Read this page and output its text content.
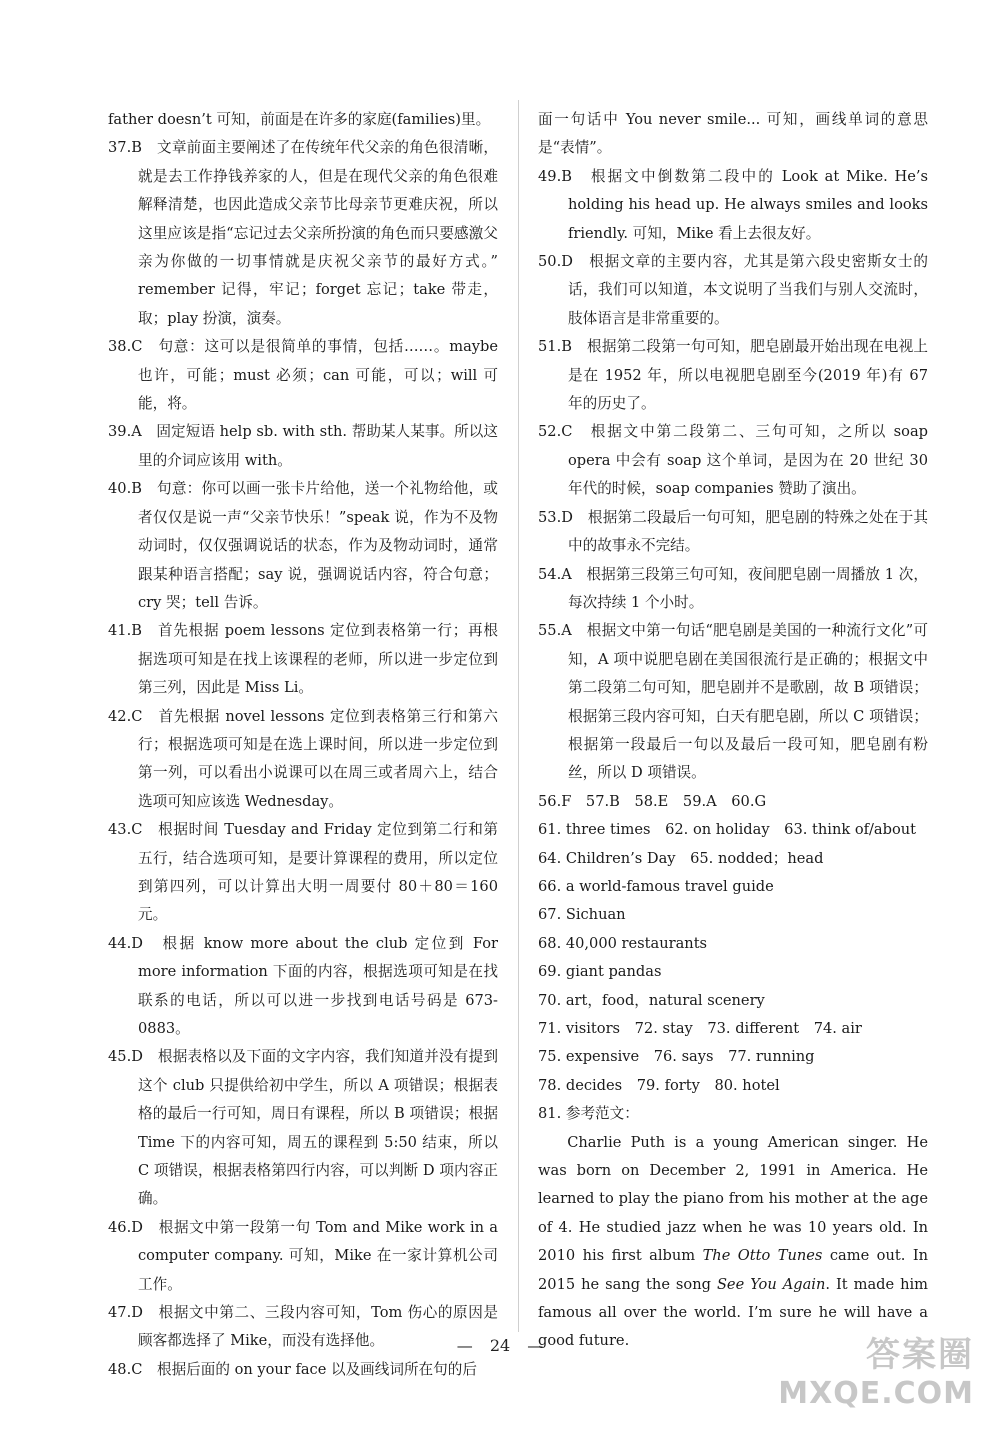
father doesn’t 可知，前面是在许多的家庭(families)里。

37.B　文章前面主要阐述了在传统年代父亲的角色很清晰，就是去工作挣钱养家的人，但是在现代父亲的角色很难解释清楚，也因此造成父亲节比母亲节更难庆祝，所以这里应该是指“忘记过去父亲所扮演的角色而只要感激父亲为你做的一切事情就是庆祝父亲节的最好方式。” remember 记得，牢记；forget 忘记；take 带走，取；play 扮演，演奏。

38.C　句意：这可以是很简单的事情，包括……。maybe 也许，可能；must 必须；can 可能，可以；will 可能，将。

39.A　固定短语 help sb. with sth. 帮助某人某事。所以这里的介词应该用 with。

40.B　句意：你可以画一张卡片给他，送一个礼物给他，或者仅仅是说一声“父亲节快乐！”speak 说，作为不及物动词时，仅仅强调说话的状态，作为及物动词时，通常跟某种语言搭配；say 说，强调说话内容，符合句意；cry 哭；tell 告诉。

41.B　首先根据 poem lessons 定位到表格第一行；再根据选项可知是在找上该课程的老师，所以进一步定位到第三列，因此是 Miss Li。

42.C　首先根据 novel lessons 定位到表格第三行和第六行；根据选项可知是在选上课时间，所以进一步定位到第一列，可以看出小说课可以在周三或者周六上，结合选项可知应该选 Wednesday。

43.C　根据时间 Tuesday and Friday 定位到第二行和第五行，结合选项可知，是要计算课程的费用，所以定位到第四列，可以计算出大明一周要付 80＋80＝160 元。

44.D　根据 know more about the club 定位到 For more information 下面的内容，根据选项可知是在找联系的电话，所以可以进一步找到电话号码是 673-0883。

45.D　根据表格以及下面的文字内容，我们知道并没有提到这个 club 只提供给初中学生，所以 A 项错误；根据表格的最后一行可知，周日有课程，所以 B 项错误；根据 Time 下的内容可知，周五的课程到 5:50 结束，所以 C 项错误，根据表格第四行内容，可以判断 D 项内容正确。

46.D　根据文中第一段第一句 Tom and Mike work in a computer company. 可知，Mike 在一家计算机公司工作。

47.D　根据文中第二、三段内容可知，Tom 伤心的原因是顾客都选择了 Mike，而没有选择他。

48.C　根据后面的 on your face 以及画线词所在句的后

面一句话中 You never smile... 可知，画线单词的意思是“表情”。

49.B　根据文中倒数第二段中的 Look at Mike. He’s holding his head up. He always smiles and looks friendly. 可知，Mike 看上去很友好。

50.D　根据文章的主要内容，尤其是第六段史密斯女士的话，我们可以知道，本文说明了当我们与别人交流时，肢体语言是非常重要的。

51.B　根据第二段第一句可知，肥皂剧最开始出现在电视上是在 1952 年，所以电视肥皂剧至今(2019 年)有 67 年的历史了。

52.C　根据文中第二段第二、三句可知，之所以 soap opera 中会有 soap 这个单词，是因为在 20 世纪 30 年代的时候，soap companies 赞助了演出。

53.D　根据第二段最后一句可知，肥皂剧的特殊之处在于其中的故事永不完结。

54.A　根据第三段第三句可知，夜间肥皂剧一周播放 1 次，每次持续 1 个小时。

55.A　根据文中第一句话“肥皂剧是美国的一种流行文化”可知，A 项中说肥皂剧在美国很流行是正确的；根据文中第二段第二句可知，肥皂剧并不是歌剧，故 B 项错误；根据第三段内容可知，白天有肥皂剧，所以 C 项错误；根据第一段最后一句以及最后一段可知，肥皂剧有粉丝，所以 D 项错误。

56.F　57.B　58.E　59.A　60.G

61. three times　62. on holiday　63. think of/about

64. Children’s Day　65. nodded；head

66. a world-famous travel guide

67. Sichuan

68. 40,000 restaurants

69. giant pandas

70. art，food，natural scenery

71. visitors　72. stay　73. different　74. air

75. expensive　76. says　77. running

78. decides　79. forty　80. hotel

81. 参考范文：

Charlie Puth is a young American singer. He was born on December 2, 1991 in America. He learned to play the piano from his mother at the age of 4. He studied jazz when he was 10 years old. In 2010 his first album The Otto Tunes came out. In 2015 he sang the song See You Again. It made him famous all over the world. I’m sure he will have a good future.

— 24 —	答案圈
MXQE.COM
